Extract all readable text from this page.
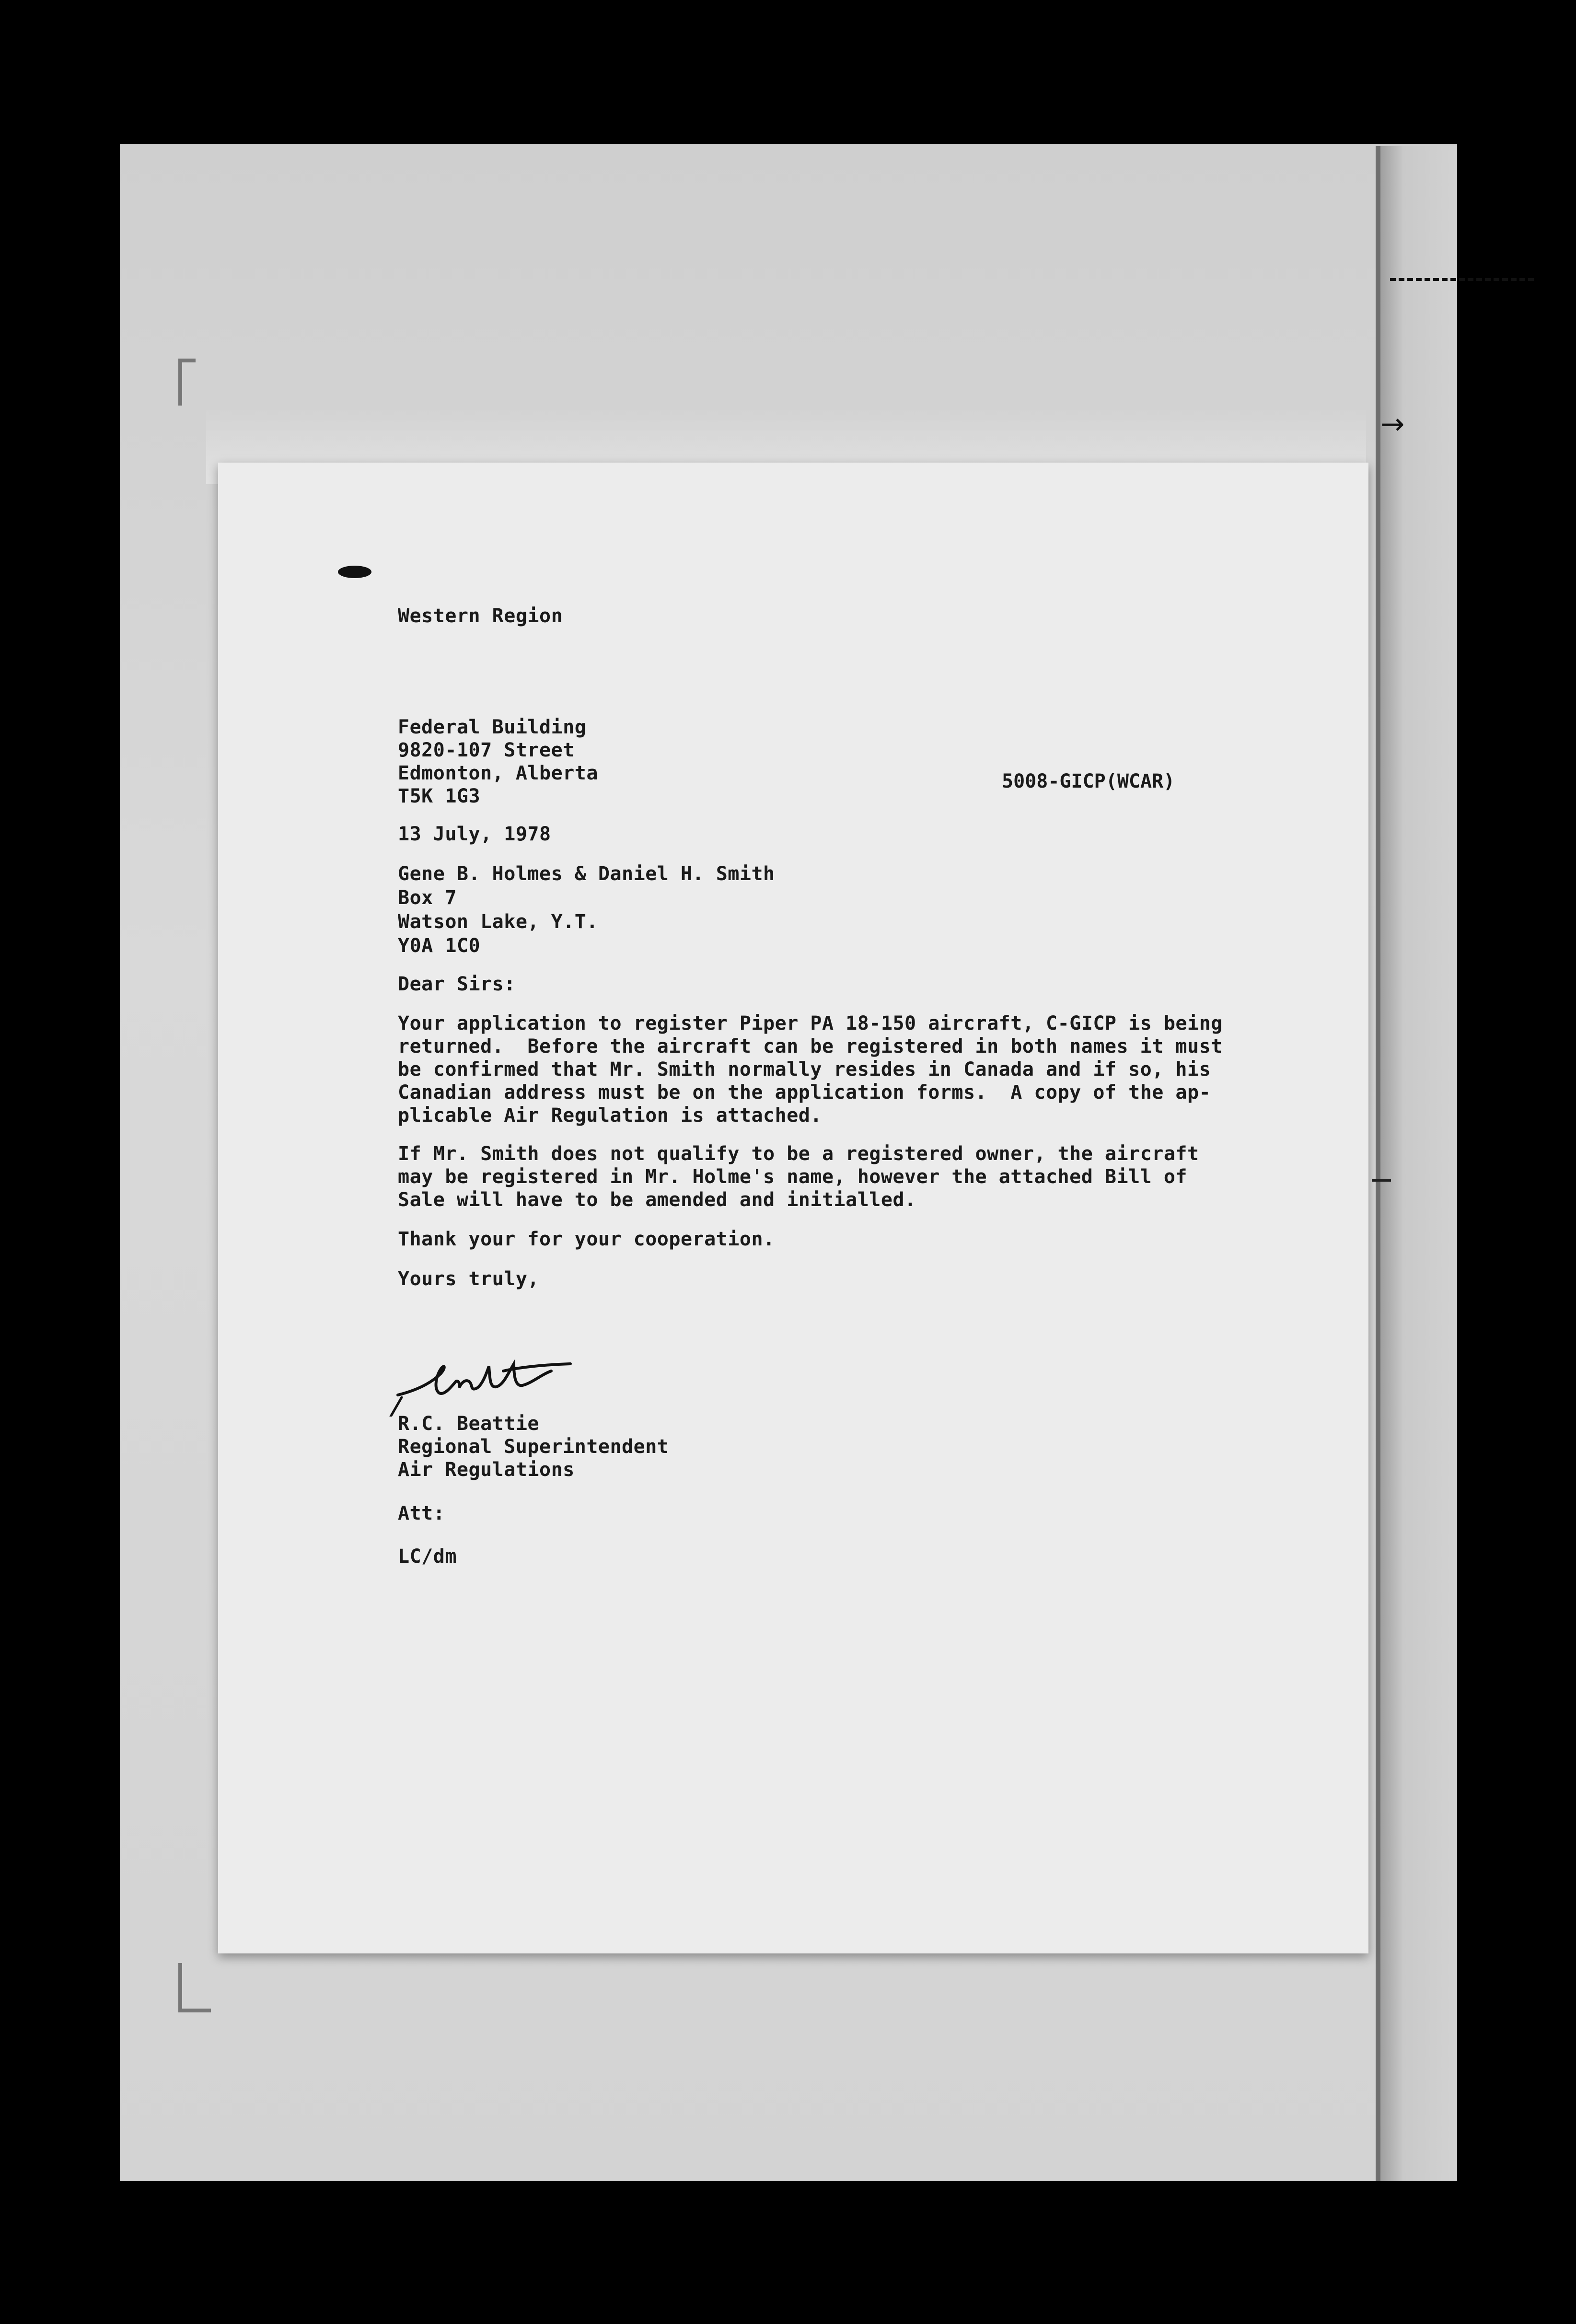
→
Western Region
Federal Building
9820-107 Street
Edmonton, Alberta
T5K 1G3
5008-GICP(WCAR)
13 July, 1978
Gene B. Holmes & Daniel H. Smith
Box 7
Watson Lake, Y.T.
Y0A 1C0
Dear Sirs:
Your application to register Piper PA 18-150 aircraft, C-GICP is being
returned.  Before the aircraft can be registered in both names it must
be confirmed that Mr. Smith normally resides in Canada and if so, his
Canadian address must be on the application forms.  A copy of the ap-
plicable Air Regulation is attached.
If Mr. Smith does not qualify to be a registered owner, the aircraft
may be registered in Mr. Holme's name, however the attached Bill of
Sale will have to be amended and initialled.
Thank your for your cooperation.
Yours truly,
R.C. Beattie
Regional Superintendent
Air Regulations
Att:
LC/dm
